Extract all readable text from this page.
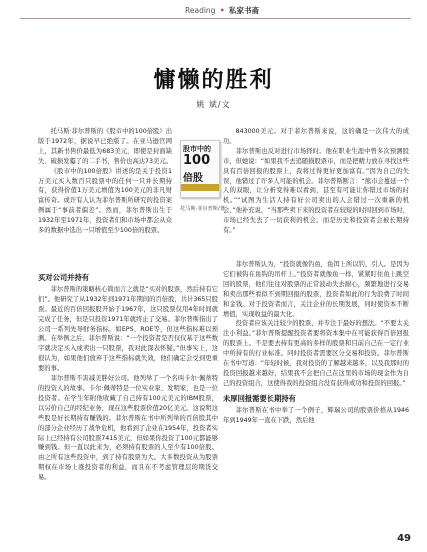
Reading • 私家书斋
慵懒的胜利
姚 斌/文

托马斯·菲尔普斯的《股市中的100倍股》出版于1972年，据说早已绝版了。在亚马逊官网上，其新书售价最低为683美元，即使是封面缺失、破损发霉了的二手书，售价也高达73美元。

《股市中的100倍股》讲述的是关于投资1万美元买入数百只股票中的任何一只并长期持有，获得价值1万美元增值为100美元的非凡财富传奇。或许有人认为菲尔普斯所研究的投资案例属于“事前者偏差”。然而，菲尔普斯出生于1932年至1971年，投资者们和市场中都会从众多的数据中选出一只增值至少100倍的股票。

股市中的
100
倍股
托马斯·菲尔普斯/著
买对公司并持有

菲尔普斯的策略核心简而言之就是“买对的股票，然后持有它们”。他研究了从1932年到1971年期间的百倍股，共计365只股票。最近的百倍回报股开始于1967年，这只股票仅用4年时间就完成了任务，但是只投资1971年就终止了交易。菲尔普斯指出了公司一系列先导财务指标，如EPS、ROE等，但这些指标难以预测。在举例之后，菲尔普斯说：“一个投资者是否仅仅基于这些数字就决定买入或卖出一只股票，我对此深表怀疑。”但事实上，这很认为，如果他们放弃于这些指标就失效，他们确定会受到更重要的事。

菲尔普斯不害减美胖好公司。他列举了一个名叫卡尔·佩蒂特的投资人的故事。卡尔·佩蒂特是一位实业家、发明家，也是一位投资者。在学生年附他收藏了自己持有100元美元的IBM股票，以另价自己的经纪业务，现在这些股票价值20亿美元。这说明这些股是好长期持有赚钱的。菲尔普斯在书中所列举的百倍股其中的部分企业经历了战争危机，他看到了企业在1954年，投资者实际上已经持有公司股票7415美元，但如果你投资了100元都能够赚到钱。但一直以此来为，必须持有股票的人至少有100倍股。由之所有这些投资中，到了持有股票为大。大多数投资从为股票期权在市场上涨投资者的利益，而且在不考虑管理层的期货交易。

843000美元。对于菲尔普斯来说，这的确是一次伟大的成功。

菲尔普斯也反对进行市场择时。他在职业生涯中曾多次预测股市，但她说：“如果我不去追随损股票市，而是把精力放在寻找这些具有百倍回报的股票上，我将过得更好更加富有。”因为自己的失误，他错过了许多人可能的机会。菲尔普斯断言：“熊市会蔓延一个人的双眼，让分析变得难以看到，甚至有可能让你错过市场的时机。”“试图为生活人持有好公司卖出的人会错过一次重新的机会，”他补充说，“当那些卖下来的投资者在较短的时间回到市场时，市场已经失去了一切获利的机会。而是历史和投资者会被长期持有。”

菲尔普斯认为，“投资就像钓鱼，鱼饵上所以钓，引人。是因为它们被钩在鱼钩的吊杆上。”投资者就像鱼一样，紧紧盯住鱼上跳空回的股票，他们往往对股票的正常波动失去耐心，频繁地进行交易和卖出那些看似不到期回报的股票，投资者如此的行为浪费了时间和金钱。对于投资者而言，关注企业的长期发展，同时使资本不断增值，实现收益的最大化。

投资者应该关注较少的股票，并专注于最好的想法。“不要太关注小利益。”菲尔普斯提醒投资者要将资本集中在可能获得百倍回报的股票上。不是要去持有更高的多样的股票和目前自己在一定行业中所持有的行业标准。同时投资者需要区分交易和投资。菲尔普斯在书中写道：“年轻时候，我对投资的了解越来越多，以及我那时的投资回报越来越好，结果我不会把自己在这里的市场的现金作为自己的投资组合，这使得我的投资组合没有获得成功和投资的回报。”

未厚回报需要长期持有

菲尔普斯在书中举了一个例子，辉瑞公司的股票价格从1946年到1949年一直在下跌，然后他

49
